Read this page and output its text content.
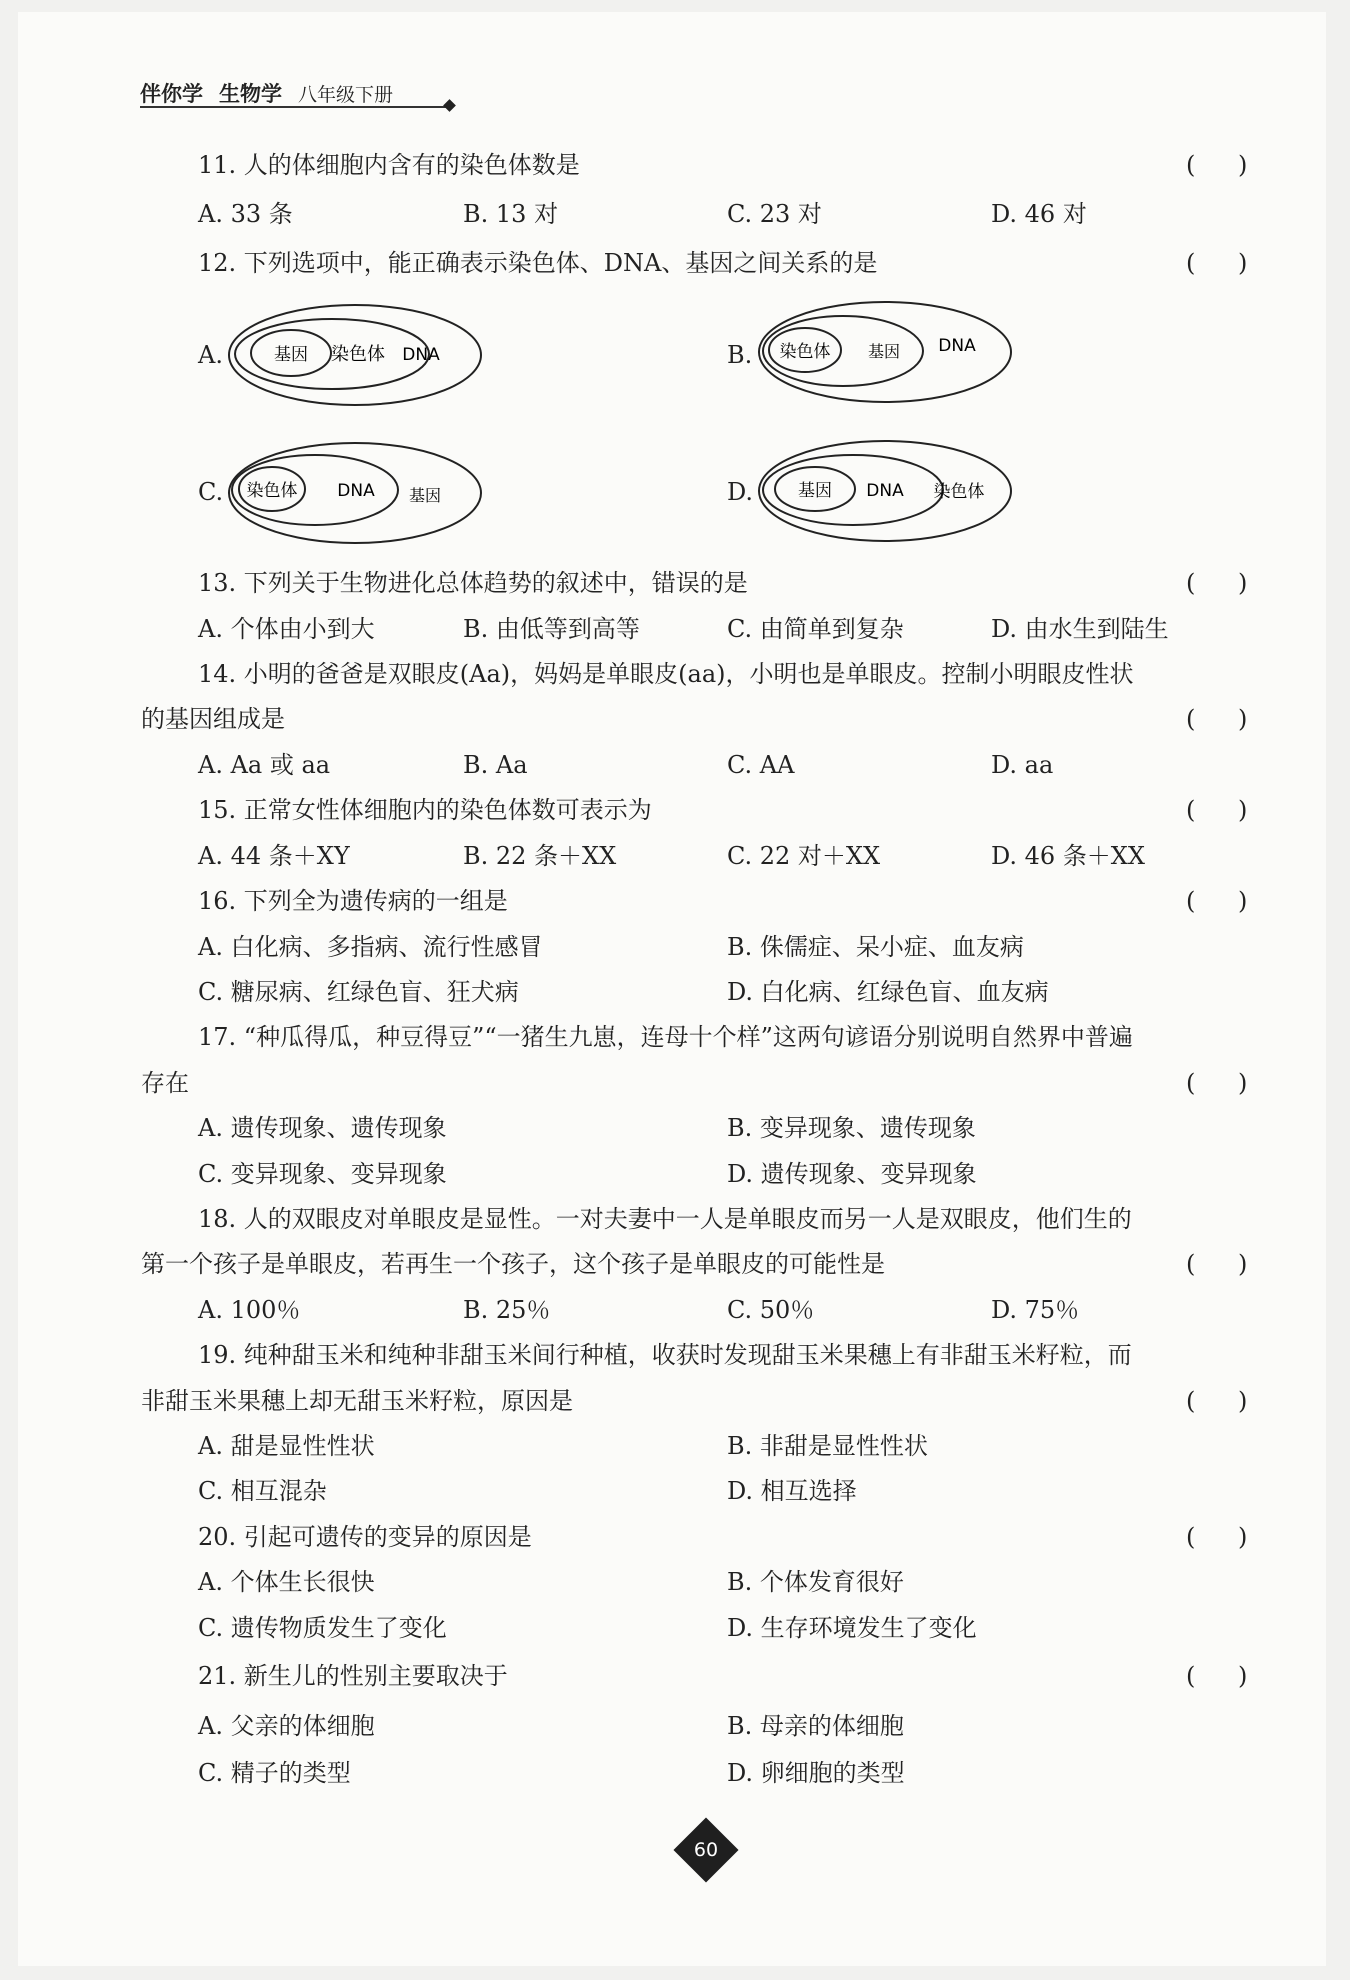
伴你学 生物学 八年级下册
11. 人的体细胞内含有的染色体数是	( )
A. 33 条	B. 13 对	C. 23 对	D. 46 对
12. 下列选项中，能正确表示染色体、DNA、基因之间关系的是	( )
A.	基因 染色体 DNA	B. 染色体 基因 DNA
C. 染色体 DNA 基因	D.	基因 DNA 染色体
13. 下列关于生物进化总体趋势的叙述中，错误的是	( )
A. 个体由小到大	B. 由低等到高等	C. 由简单到复杂	D. 由水生到陆生
14. 小明的爸爸是双眼皮(Aa)，妈妈是单眼皮(aa)，小明也是单眼皮。控制小明眼皮性状
的基因组成是	( )
A. Aa 或 aa	B. Aa	C. AA	D. aa
15. 正常女性体细胞内的染色体数可表示为	( )
A. 44 条＋XY	B. 22 条＋XX	C. 22 对＋XX	D. 46 条＋XX
16. 下列全为遗传病的一组是	( )
A. 白化病、多指病、流行性感冒	B. 侏儒症、呆小症、血友病
C. 糖尿病、红绿色盲、狂犬病	D. 白化病、红绿色盲、血友病
17. “种瓜得瓜，种豆得豆”“一猪生九崽，连母十个样”这两句谚语分别说明自然界中普遍
存在	( )
A. 遗传现象、遗传现象	B. 变异现象、遗传现象
C. 变异现象、变异现象	D. 遗传现象、变异现象
18. 人的双眼皮对单眼皮是显性。一对夫妻中一人是单眼皮而另一人是双眼皮，他们生的
第一个孩子是单眼皮，若再生一个孩子，这个孩子是单眼皮的可能性是	( )
A. 100％	B. 25％	C. 50％	D. 75％
19. 纯种甜玉米和纯种非甜玉米间行种植，收获时发现甜玉米果穗上有非甜玉米籽粒，而
非甜玉米果穗上却无甜玉米籽粒，原因是	( )
A. 甜是显性性状	B. 非甜是显性性状
C. 相互混杂	D. 相互选择
20. 引起可遗传的变异的原因是	( )
A. 个体生长很快	B. 个体发育很好
C. 遗传物质发生了变化	D. 生存环境发生了变化
21. 新生儿的性别主要取决于	( )
A. 父亲的体细胞	B. 母亲的体细胞
C. 精子的类型	D. 卵细胞的类型
60
